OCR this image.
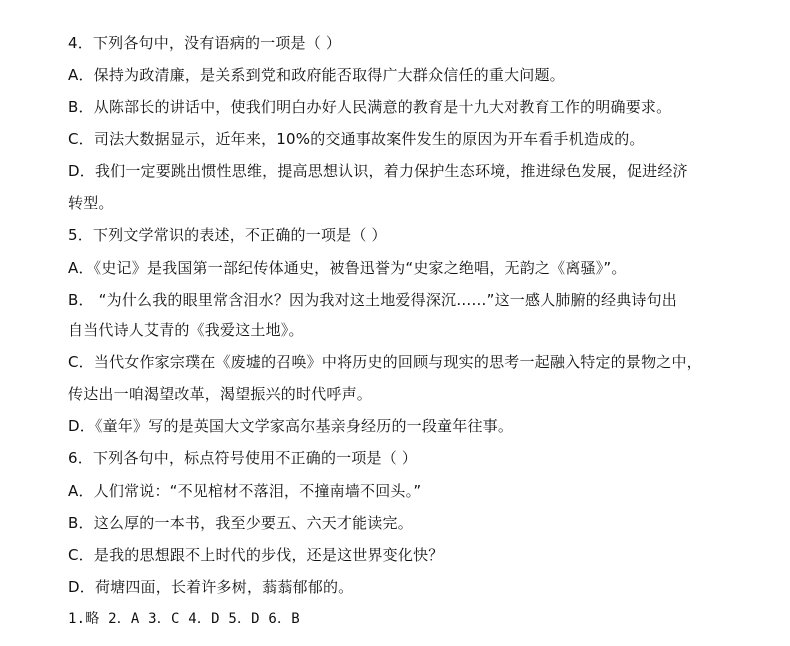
4．下列各句中，没有语病的一项是（ ）
A．保持为政清廉，是关系到党和政府能否取得广大群众信任的重大问题。
B．从陈部长的讲话中，使我们明白办好人民满意的教育是十九大对教育工作的明确要求。
C．司法大数据显示，近年来，10%的交通事故案件发生的原因为开车看手机造成的。
D．我们一定要跳出惯性思维，提高思想认识，着力保护生态环境，推进绿色发展，促进经济
转型。
5．下列文学常识的表述，不正确的一项是（ ）
A．《史记》是我国第一部纪传体通史，被鲁迅誉为“史家之绝唱，无韵之《离骚》”。
B． “为什么我的眼里常含泪水？因为我对这土地爱得深沉……”这一感人肺腑的经典诗句出
自当代诗人艾青的《我爱这土地》。
C．当代女作家宗璞在《废墟的召唤》中将历史的回顾与现实的思考一起融入特定的景物之中，
传达出一咱渴望改革，渴望振兴的时代呼声。
D．《童年》写的是英国大文学家高尔基亲身经历的一段童年往事。
6．下列各句中，标点符号使用不正确的一项是（ ）
A．人们常说：“不见棺材不落泪，不撞南墙不回头。”
B．这么厚的一本书，我至少要五、六天才能读完。
C．是我的思想跟不上时代的步伐，还是这世界变化快？
D．荷塘四面，长着许多树，蓊蓊郁郁的。
1.略 2．A 3．C 4．D 5．D 6．B
